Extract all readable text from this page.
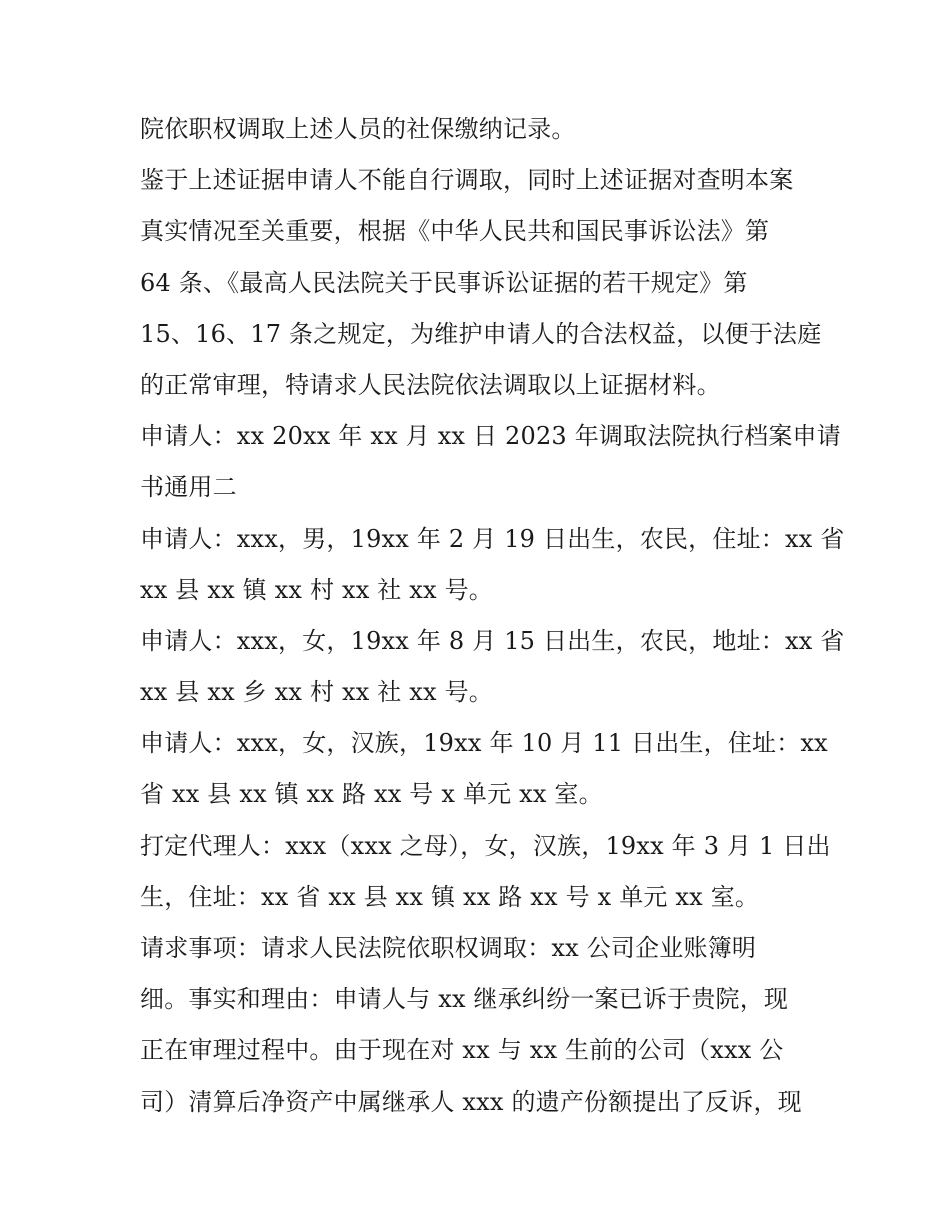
院依职权调取上述人员的社保缴纳记录。
鉴于上述证据申请人不能自行调取，同时上述证据对查明本案
真实情况至关重要，根据《中华人民共和国民事诉讼法》第
64 条、《最高人民法院关于民事诉讼证据的若干规定》第
15、16、17 条之规定，为维护申请人的合法权益，以便于法庭
的正常审理，特请求人民法院依法调取以上证据材料。
申请人：xx 20xx 年 xx 月 xx 日 2023 年调取法院执行档案申请
书通用二
申请人：xxx，男，19xx 年 2 月 19 日出生，农民，住址：xx 省
xx 县 xx 镇 xx 村 xx 社 xx 号。
申请人：xxx，女，19xx 年 8 月 15 日出生，农民，地址：xx 省
xx 县 xx 乡 xx 村 xx 社 xx 号。
申请人：xxx，女，汉族，19xx 年 10 月 11 日出生，住址：xx
省 xx 县 xx 镇 xx 路 xx 号 x 单元 xx 室。
打定代理人：xxx（xxx 之母），女，汉族，19xx 年 3 月 1 日出
生，住址：xx 省 xx 县 xx 镇 xx 路 xx 号 x 单元 xx 室。
请求事项：请求人民法院依职权调取：xx 公司企业账簿明
细。事实和理由：申请人与 xx 继承纠纷一案已诉于贵院，现
正在审理过程中。由于现在对 xx 与 xx 生前的公司（xxx 公
司）清算后净资产中属继承人 xxx 的遗产份额提出了反诉，现
